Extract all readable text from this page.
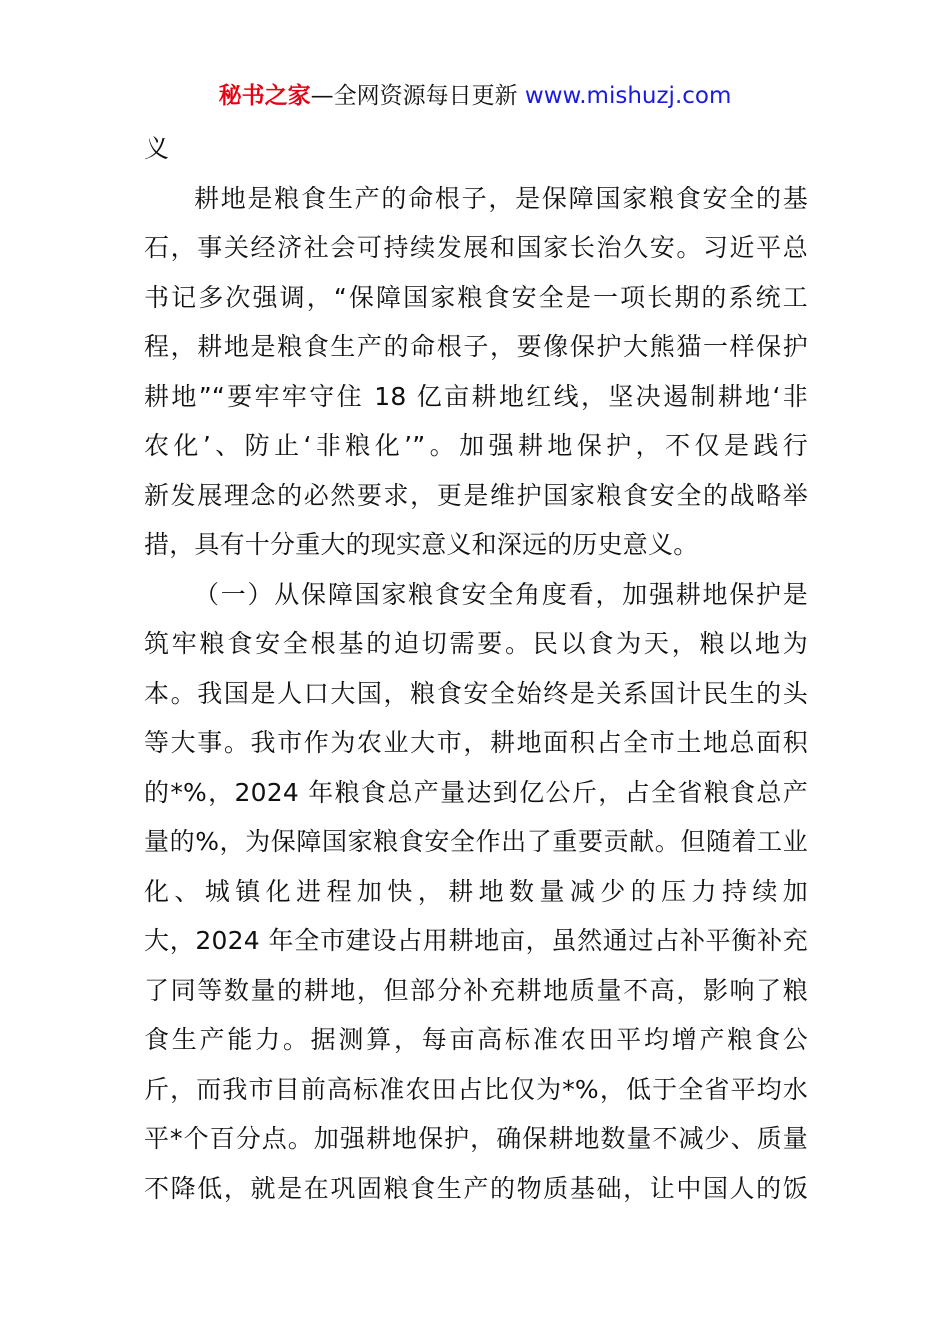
秘书之家—全网资源每日更新 www.mishuzj.com
义
耕地是粮食生产的命根子，是保障国家粮食安全的基
石，事关经济社会可持续发展和国家长治久安。习近平总
书记多次强调，“保障国家粮食安全是一项长期的系统工
程，耕地是粮食生产的命根子，要像保护大熊猫一样保护
耕地”“要牢牢守住 18 亿亩耕地红线，坚决遏制耕地‘非
农化’、防止‘非粮化’”。加强耕地保护，不仅是践行
新发展理念的必然要求，更是维护国家粮食安全的战略举
措，具有十分重大的现实意义和深远的历史意义。
（一）从保障国家粮食安全角度看，加强耕地保护是
筑牢粮食安全根基的迫切需要。民以食为天，粮以地为
本。我国是人口大国，粮食安全始终是关系国计民生的头
等大事。我市作为农业大市，耕地面积占全市土地总面积
的*%，2024 年粮食总产量达到亿公斤，占全省粮食总产
量的%，为保障国家粮食安全作出了重要贡献。但随着工业
化、城镇化进程加快，耕地数量减少的压力持续加
大，2024 年全市建设占用耕地亩，虽然通过占补平衡补充
了同等数量的耕地，但部分补充耕地质量不高，影响了粮
食生产能力。据测算，每亩高标准农田平均增产粮食公
斤，而我市目前高标准农田占比仅为*%，低于全省平均水
平*个百分点。加强耕地保护，确保耕地数量不减少、质量
不降低，就是在巩固粮食生产的物质基础，让中国人的饭
